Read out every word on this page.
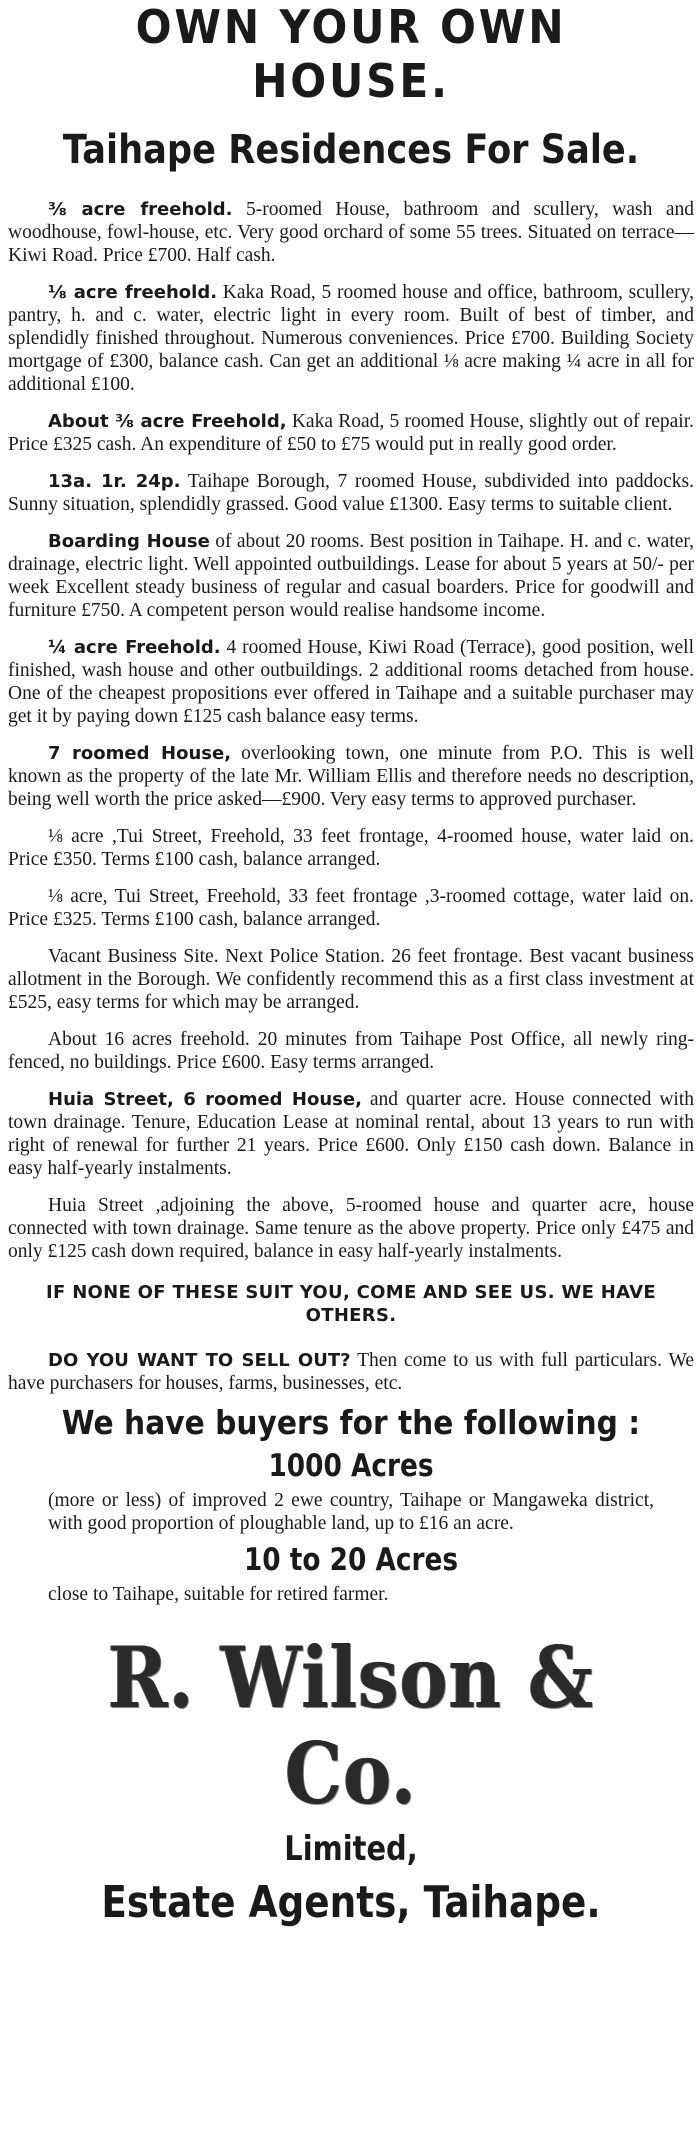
OWN YOUR OWN HOUSE.
Taihape Residences For Sale.

⅜ acre freehold. 5-roomed House, bathroom and scullery, wash and woodhouse, fowl-house, etc. Very good orchard of some 55 trees. Situated on terrace—Kiwi Road. Price £700. Half cash.

⅛ acre freehold. Kaka Road, 5 roomed house and office, bathroom, scullery, pantry, h. and c. water, electric light in every room. Built of best of timber, and splendidly finished throughout. Numerous conveniences. Price £700. Building Society mortgage of £300, balance cash. Can get an additional ⅛ acre making ¼ acre in all for additional £100.

About ⅜ acre Freehold, Kaka Road, 5 roomed House, slightly out of repair. Price £325 cash. An expenditure of £50 to £75 would put in really good order.

13a. 1r. 24p. Taihape Borough, 7 roomed House, subdivided into paddocks. Sunny situation, splendidly grassed. Good value £1300. Easy terms to suitable client.

Boarding House of about 20 rooms. Best position in Taihape. H. and c. water, drainage, electric light. Well appointed outbuildings. Lease for about 5 years at 50/- per week Excellent steady business of regular and casual boarders. Price for goodwill and furniture £750. A competent person would realise handsome income.

¼ acre Freehold. 4 roomed House, Kiwi Road (Terrace), good position, well finished, wash house and other outbuildings. 2 additional rooms detached from house. One of the cheapest propositions ever offered in Taihape and a suitable purchaser may get it by paying down £125 cash balance easy terms.

7 roomed House, overlooking town, one minute from P.O. This is well known as the property of the late Mr. William Ellis and therefore needs no description, being well worth the price asked—£900. Very easy terms to approved purchaser.

⅛ acre ,Tui Street, Freehold, 33 feet frontage, 4-roomed house, water laid on. Price £350. Terms £100 cash, balance arranged.

⅛ acre, Tui Street, Freehold, 33 feet frontage ,3-roomed cottage, water laid on. Price £325. Terms £100 cash, balance arranged.

Vacant Business Site. Next Police Station. 26 feet frontage. Best vacant business allotment in the Borough. We confidently recommend this as a first class investment at £525, easy terms for which may be arranged.

About 16 acres freehold. 20 minutes from Taihape Post Office, all newly ring-fenced, no buildings. Price £600. Easy terms arranged.

Huia Street, 6 roomed House, and quarter acre. House connected with town drainage. Tenure, Education Lease at nominal rental, about 13 years to run with right of renewal for further 21 years. Price £600. Only £150 cash down. Balance in easy half-yearly instalments.

Huia Street ,adjoining the above, 5-roomed house and quarter acre, house connected with town drainage. Same tenure as the above property. Price only £475 and only £125 cash down required, balance in easy half-yearly instalments.

IF NONE OF THESE SUIT YOU, COME AND SEE US. WE HAVE OTHERS.

DO YOU WANT TO SELL OUT? Then come to us with full particulars. We have purchasers for houses, farms, businesses, etc.

We have buyers for the following :
1000 Acres

(more or less) of improved 2 ewe country, Taihape or Mangaweka district, with good proportion of ploughable land, up to £16 an acre.

10 to 20 Acres

close to Taihape, suitable for retired farmer.

R. Wilson & Co.
Limited,
Estate Agents, Taihape.
